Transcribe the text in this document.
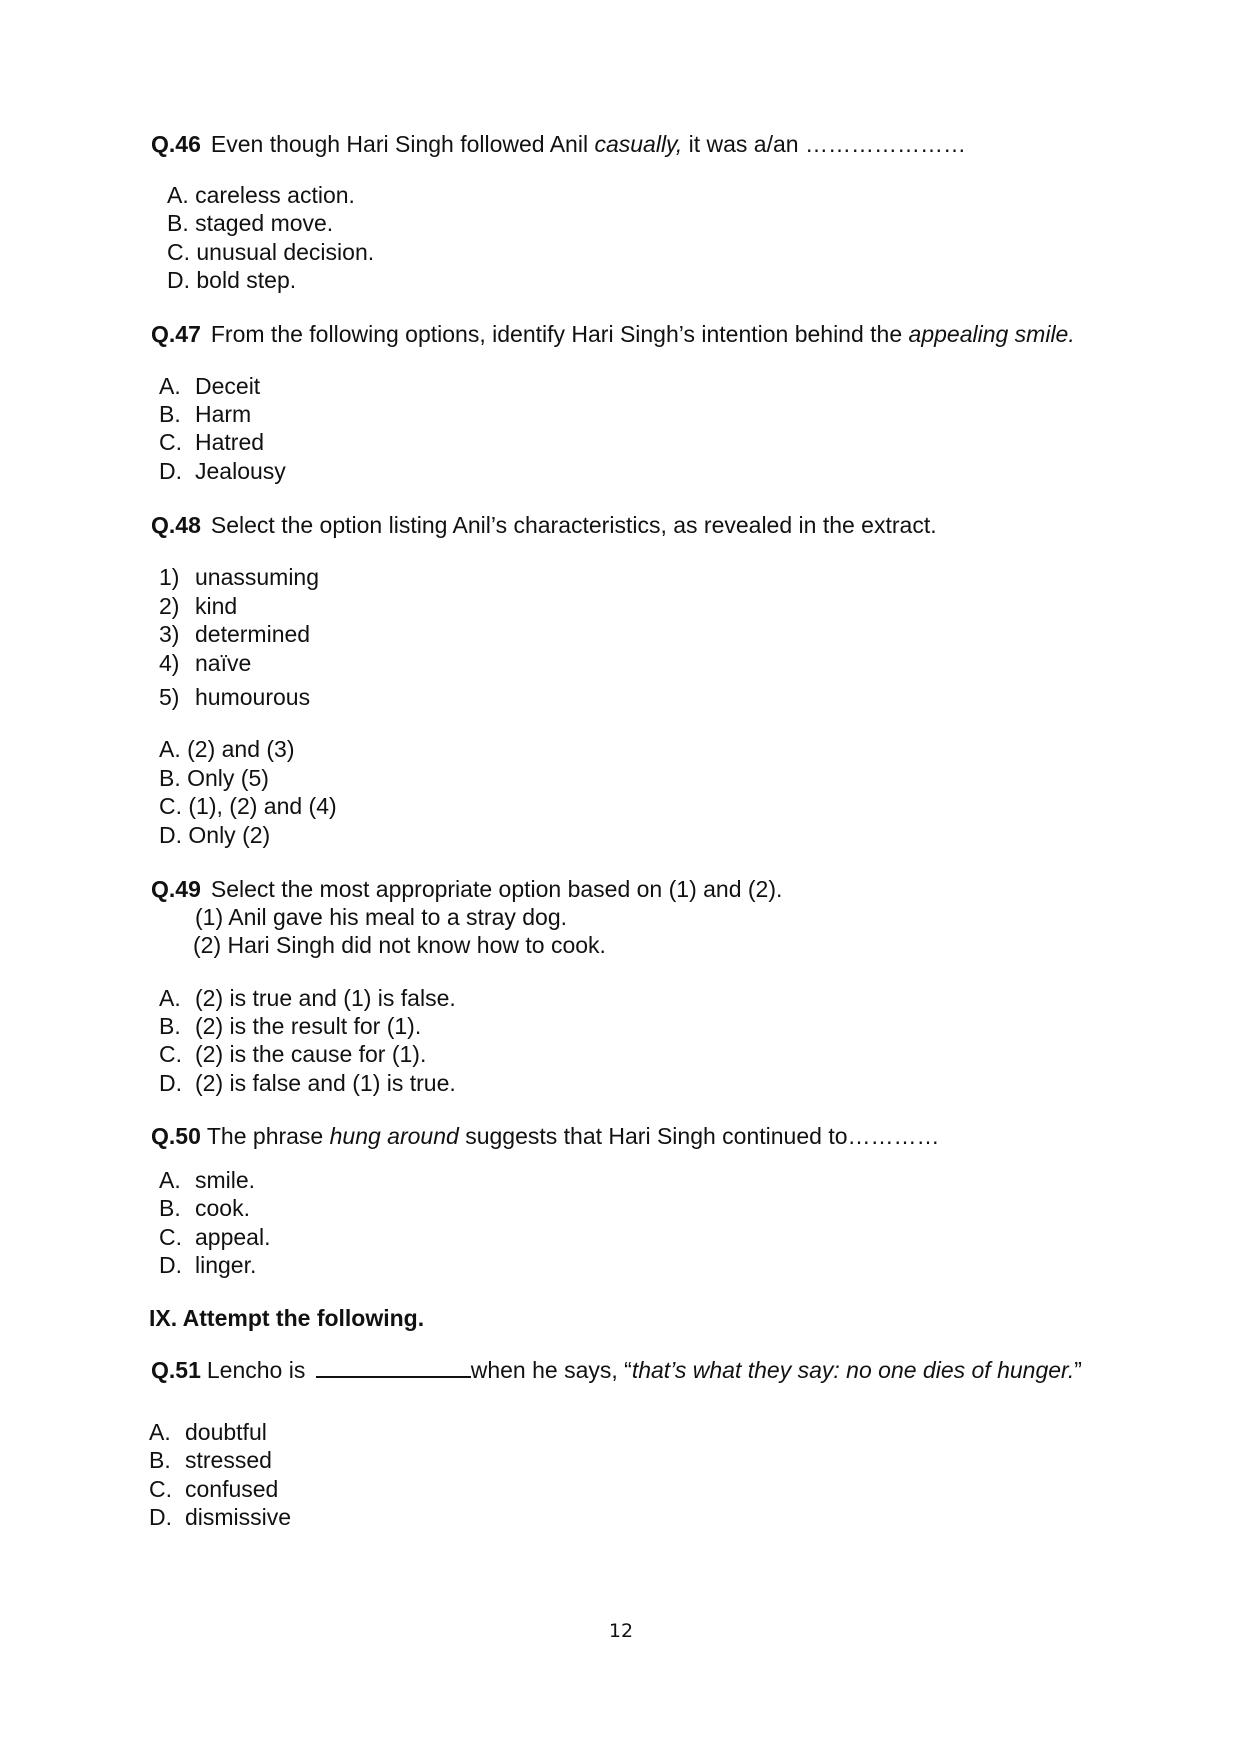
Q.46 Even though Hari Singh followed Anil casually, it was a/an …………………
A. careless action.
B. staged move.
C. unusual decision.
D. bold step.
Q.47 From the following options, identify Hari Singh’s intention behind the appealing smile.
A. Deceit
B. Harm
C. Hatred
D. Jealousy
Q.48 Select the option listing Anil’s characteristics, as revealed in the extract.
1) unassuming
2) kind
3) determined
4) naïve
5) humourous
A. (2) and (3)
B. Only (5)
C. (1), (2) and (4)
D. Only (2)
Q.49 Select the most appropriate option based on (1) and (2).
(1) Anil gave his meal to a stray dog.
(2) Hari Singh did not know how to cook.
A. (2) is true and (1) is false.
B. (2) is the result for (1).
C. (2) is the cause for (1).
D. (2) is false and (1) is true.
Q.50 The phrase hung around suggests that Hari Singh continued to…………
A. smile.
B. cook.
C. appeal.
D. linger.
IX. Attempt the following.
Q.51 Lencho is	when he says, “that’s what they say: no one dies of hunger.”
A. doubtful
B. stressed
C. confused
D. dismissive
12
